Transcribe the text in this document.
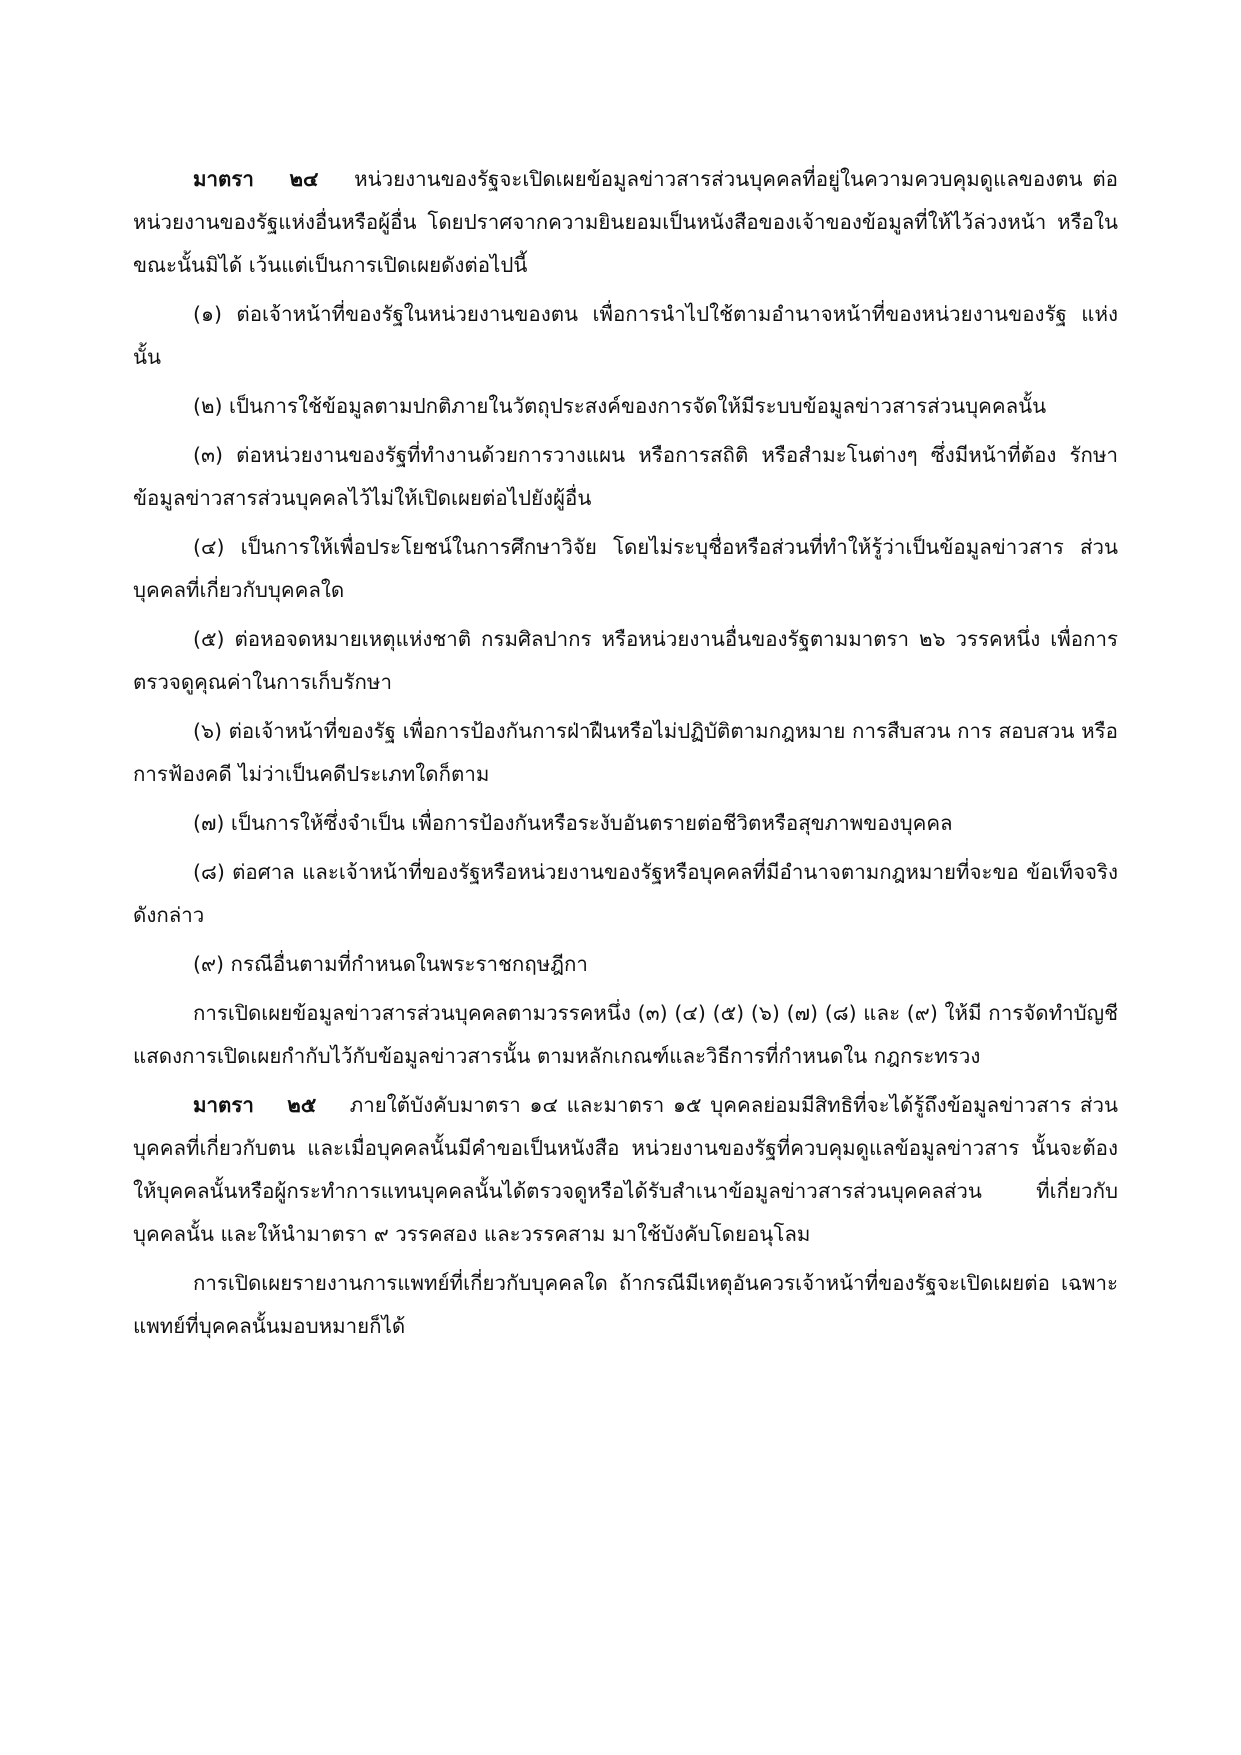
มาตรา ๒๔ หน่วยงานของรัฐจะเปิดเผยข้อมูลข่าวสารส่วนบุคคลที่อยู่ในความควบคุมดูแลของตน ต่อหน่วยงานของรัฐแห่งอื่นหรือผู้อื่น โดยปราศจากความยินยอมเป็นหนังสือของเจ้าของข้อมูลที่ให้ไว้ล่วงหน้า หรือในขณะนั้นมิได้ เว้นแต่เป็นการเปิดเผยดังต่อไปนี้

(๑) ต่อเจ้าหน้าที่ของรัฐในหน่วยงานของตน เพื่อการนำไปใช้ตามอำนาจหน้าที่ของหน่วยงานของรัฐ แห่งนั้น

(๒) เป็นการใช้ข้อมูลตามปกติภายในวัตถุประสงค์ของการจัดให้มีระบบข้อมูลข่าวสารส่วนบุคคลนั้น

(๓) ต่อหน่วยงานของรัฐที่ทำงานด้วยการวางแผน หรือการสถิติ หรือสำมะโนต่างๆ ซึ่งมีหน้าที่ต้อง รักษาข้อมูลข่าวสารส่วนบุคคลไว้ไม่ให้เปิดเผยต่อไปยังผู้อื่น

(๔) เป็นการให้เพื่อประโยชน์ในการศึกษาวิจัย โดยไม่ระบุชื่อหรือส่วนที่ทำให้รู้ว่าเป็นข้อมูลข่าวสาร ส่วนบุคคลที่เกี่ยวกับบุคคลใด

(๕) ต่อหอจดหมายเหตุแห่งชาติ กรมศิลปากร หรือหน่วยงานอื่นของรัฐตามมาตรา ๒๖ วรรคหนึ่ง เพื่อการตรวจดูคุณค่าในการเก็บรักษา

(๖) ต่อเจ้าหน้าที่ของรัฐ เพื่อการป้องกันการฝ่าฝืนหรือไม่ปฏิบัติตามกฎหมาย การสืบสวน การ สอบสวน หรือการฟ้องคดี ไม่ว่าเป็นคดีประเภทใดก็ตาม

(๗) เป็นการให้ซึ่งจำเป็น เพื่อการป้องกันหรือระงับอันตรายต่อชีวิตหรือสุขภาพของบุคคล

(๘) ต่อศาล และเจ้าหน้าที่ของรัฐหรือหน่วยงานของรัฐหรือบุคคลที่มีอำนาจตามกฎหมายที่จะขอ ข้อเท็จจริงดังกล่าว

(๙) กรณีอื่นตามที่กำหนดในพระราชกฤษฎีกา

การเปิดเผยข้อมูลข่าวสารส่วนบุคคลตามวรรคหนึ่ง (๓) (๔) (๕) (๖) (๗) (๘) และ (๙) ให้มี การจัดทำบัญชีแสดงการเปิดเผยกำกับไว้กับข้อมูลข่าวสารนั้น ตามหลักเกณฑ์และวิธีการที่กำหนดใน กฎกระทรวง

มาตรา ๒๕ ภายใต้บังคับมาตรา ๑๔ และมาตรา ๑๕ บุคคลย่อมมีสิทธิที่จะได้รู้ถึงข้อมูลข่าวสาร ส่วนบุคคลที่เกี่ยวกับตน และเมื่อบุคคลนั้นมีคำขอเป็นหนังสือ หน่วยงานของรัฐที่ควบคุมดูแลข้อมูลข่าวสาร นั้นจะต้องให้บุคคลนั้นหรือผู้กระทำการแทนบุคคลนั้นได้ตรวจดูหรือได้รับสำเนาข้อมูลข่าวสารส่วนบุคคลส่วน ที่เกี่ยวกับบุคคลนั้น และให้นำมาตรา ๙ วรรคสอง และวรรคสาม มาใช้บังคับโดยอนุโลม

การเปิดเผยรายงานการแพทย์ที่เกี่ยวกับบุคคลใด ถ้ากรณีมีเหตุอันควรเจ้าหน้าที่ของรัฐจะเปิดเผยต่อ เฉพาะแพทย์ที่บุคคลนั้นมอบหมายก็ได้
